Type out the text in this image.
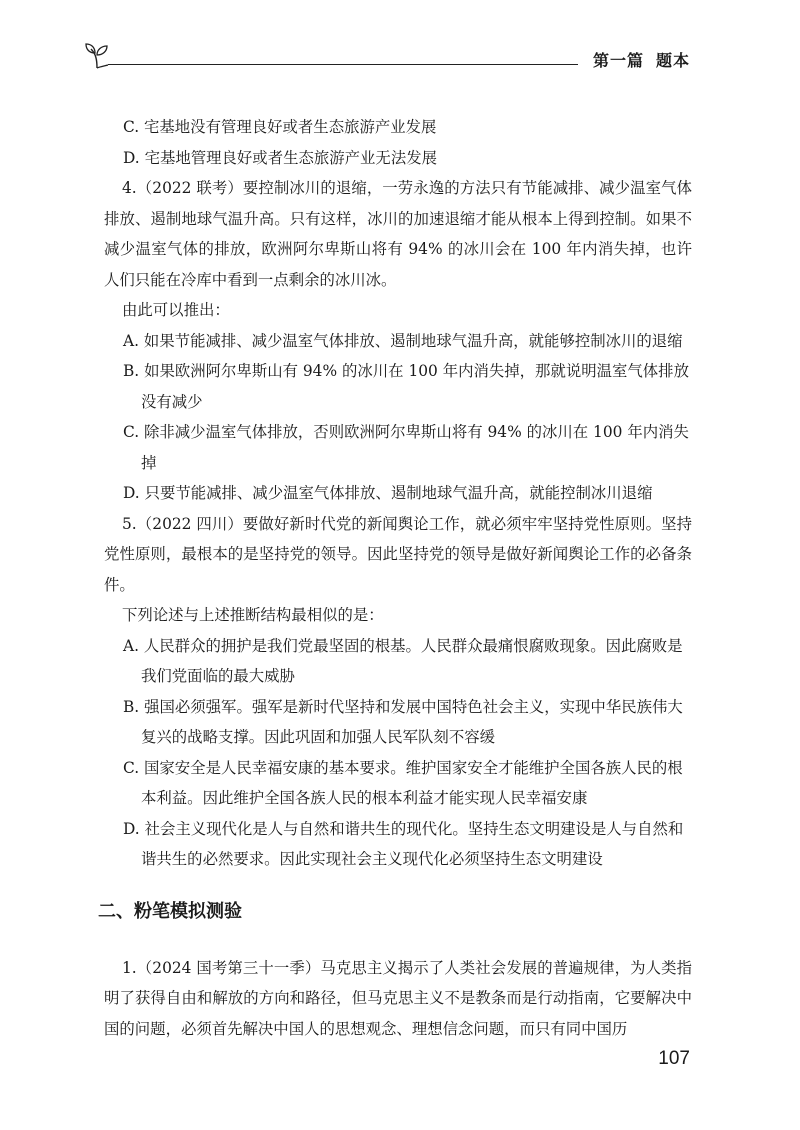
第一篇 题本

C. 宅基地没有管理良好或者生态旅游产业发展

D. 宅基地管理良好或者生态旅游产业无法发展

4.（2022 联考）要控制冰川的退缩，一劳永逸的方法只有节能减排、减少温室气体排放、遏制地球气温升高。只有这样，冰川的加速退缩才能从根本上得到控制。如果不减少温室气体的排放，欧洲阿尔卑斯山将有 94% 的冰川会在 100 年内消失掉，也许人们只能在冷库中看到一点剩余的冰川冰。

由此可以推出：

A. 如果节能减排、减少温室气体排放、遏制地球气温升高，就能够控制冰川的退缩

B. 如果欧洲阿尔卑斯山有 94% 的冰川在 100 年内消失掉，那就说明温室气体排放没有减少

C. 除非减少温室气体排放，否则欧洲阿尔卑斯山将有 94% 的冰川在 100 年内消失掉

D. 只要节能减排、减少温室气体排放、遏制地球气温升高，就能控制冰川退缩

5.（2022 四川）要做好新时代党的新闻舆论工作，就必须牢牢坚持党性原则。坚持党性原则，最根本的是坚持党的领导。因此坚持党的领导是做好新闻舆论工作的必备条件。

下列论述与上述推断结构最相似的是：

A. 人民群众的拥护是我们党最坚固的根基。人民群众最痛恨腐败现象。因此腐败是我们党面临的最大威胁

B. 强国必须强军。强军是新时代坚持和发展中国特色社会主义，实现中华民族伟大复兴的战略支撑。因此巩固和加强人民军队刻不容缓

C. 国家安全是人民幸福安康的基本要求。维护国家安全才能维护全国各族人民的根本利益。因此维护全国各族人民的根本利益才能实现人民幸福安康

D. 社会主义现代化是人与自然和谐共生的现代化。坚持生态文明建设是人与自然和谐共生的必然要求。因此实现社会主义现代化必须坚持生态文明建设

二、粉笔模拟测验

1.（2024 国考第三十一季）马克思主义揭示了人类社会发展的普遍规律，为人类指明了获得自由和解放的方向和路径，但马克思主义不是教条而是行动指南，它要解决中国的问题，必须首先解决中国人的思想观念、理想信念问题，而只有同中国历

107
